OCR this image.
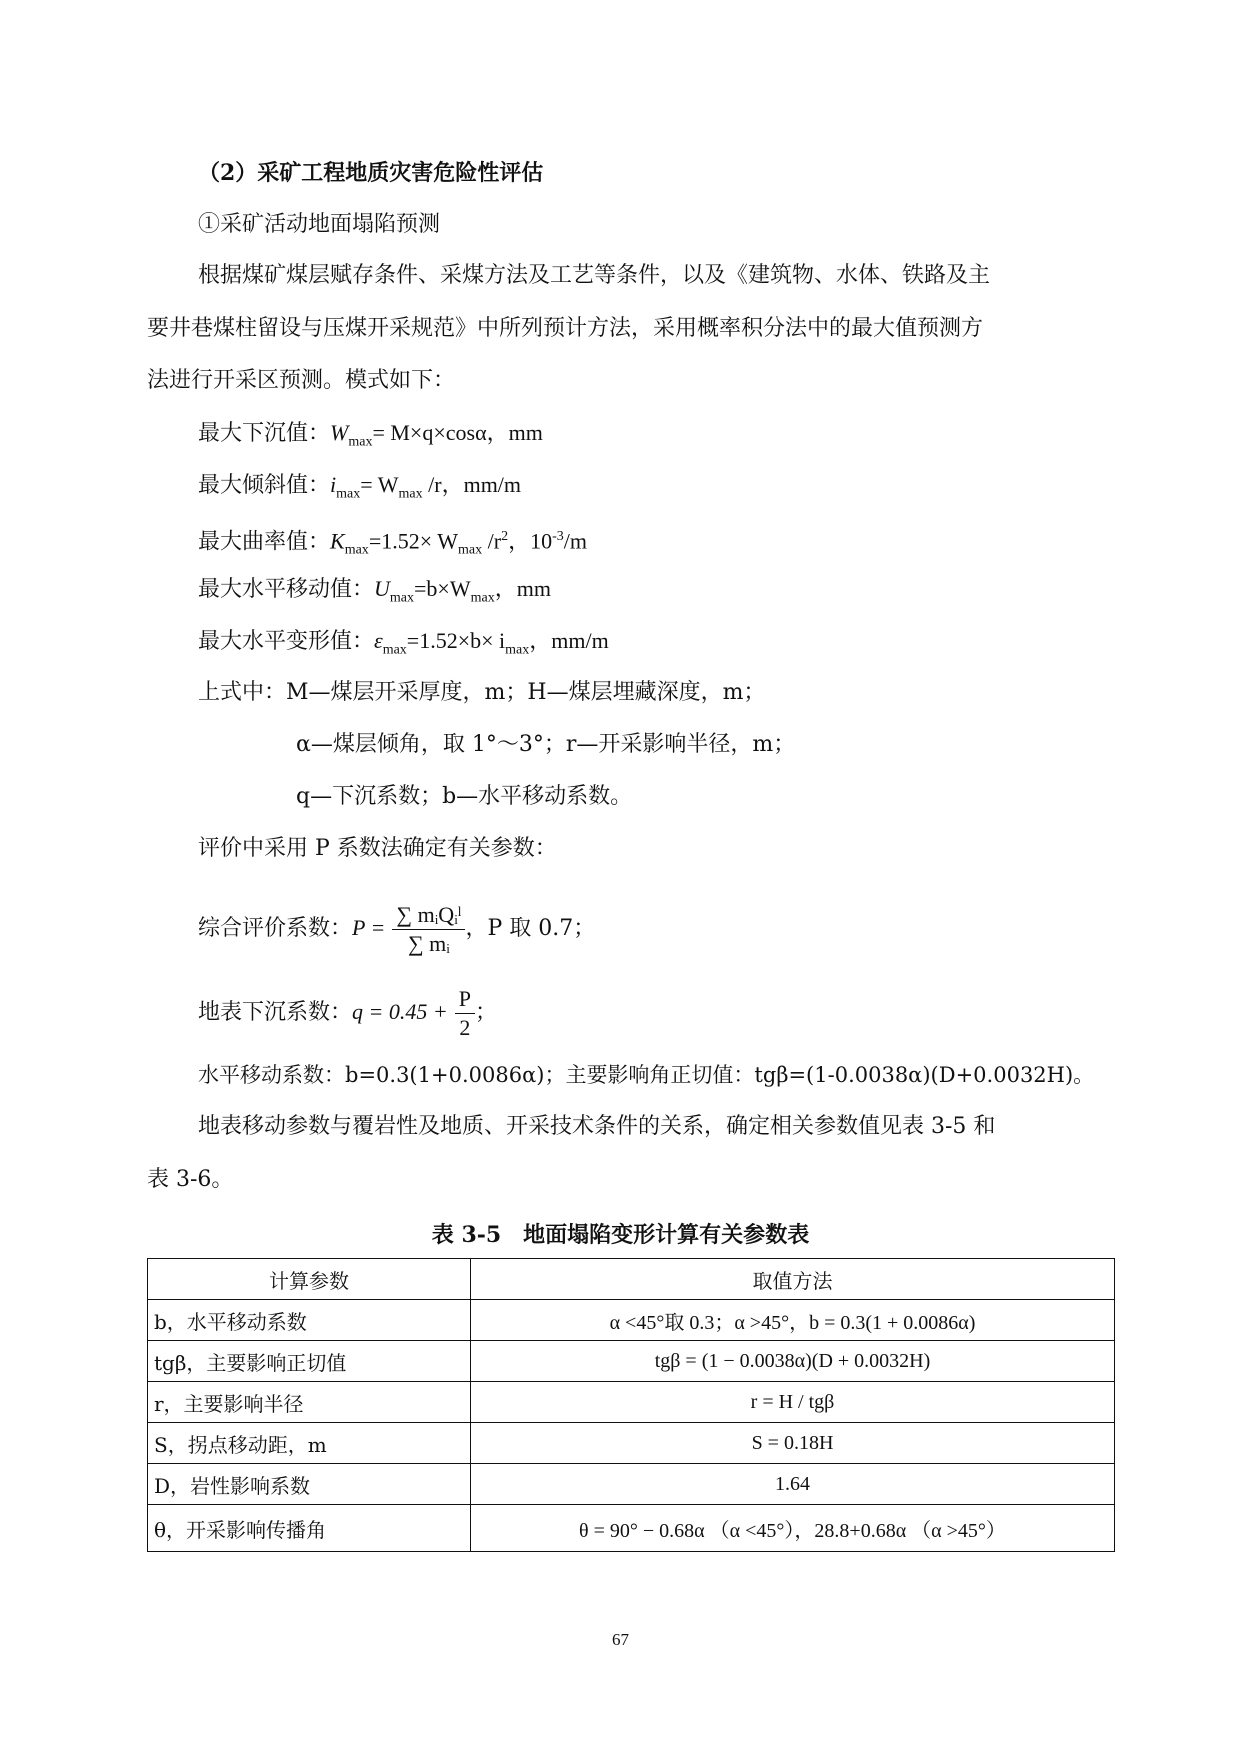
（2）采矿工程地质灾害危险性评估
①采矿活动地面塌陷预测
根据煤矿煤层赋存条件、采煤方法及工艺等条件，以及《建筑物、水体、铁路及主
要井巷煤柱留设与压煤开采规范》中所列预计方法，采用概率积分法中的最大值预测方
法进行开采区预测。模式如下：
最大下沉值：$W_{max}= M\times q\times\cos\alpha$，mm
最大倾斜值：$i_{max}= W_{max}$ /r，mm/m
最大曲率值：$K_{max}=1.52\times W_{max}$ $/r^2$，$10^{-3}/m$
最大水平移动值：$U_{max}=b\times W_{max}$，mm
最大水平变形值：$\varepsilon_{max}=1.52\times b\times i_{max}$，mm/m
上式中：M—煤层开采厚度，m；H—煤层埋藏深度，m；
α—煤层倾角，取 1°～3°；r—开采影响半径，m；
q—下沉系数；b—水平移动系数。
评价中采用 P 系数法确定有关参数：
综合评价系数：$P = \frac{\text{∑ mᵢQᵢˡ}}{\text{∑ mᵢ}}$ ，P 取 0.7；
地表下沉系数：$q = 0.45 + \frac{P}{2}$ ；
水平移动系数：b=0.3(1+0.0086α)；主要影响角正切值：tgβ=(1-0.0038α)(D+0.0032H)。
地表移动参数与覆岩性及地质、开采技术条件的关系，确定相关参数值见表 3-5 和
表 3-6。
表 3-5　地面塌陷变形计算有关参数表
计算参数	取值方法
b，水平移动系数	α <45°取 0.3；α >45°，b = 0.3(1 + 0.0086α)
tgβ，主要影响正切值	tgβ = (1 − 0.0038α)(D + 0.0032H)
r，主要影响半径	r = H / tgβ
S，拐点移动距，m	S = 0.18H
D，岩性影响系数	1.64
θ，开采影响传播角	θ = 90° − 0.68α （α <45°），28.8+0.68α （α >45°）
67
